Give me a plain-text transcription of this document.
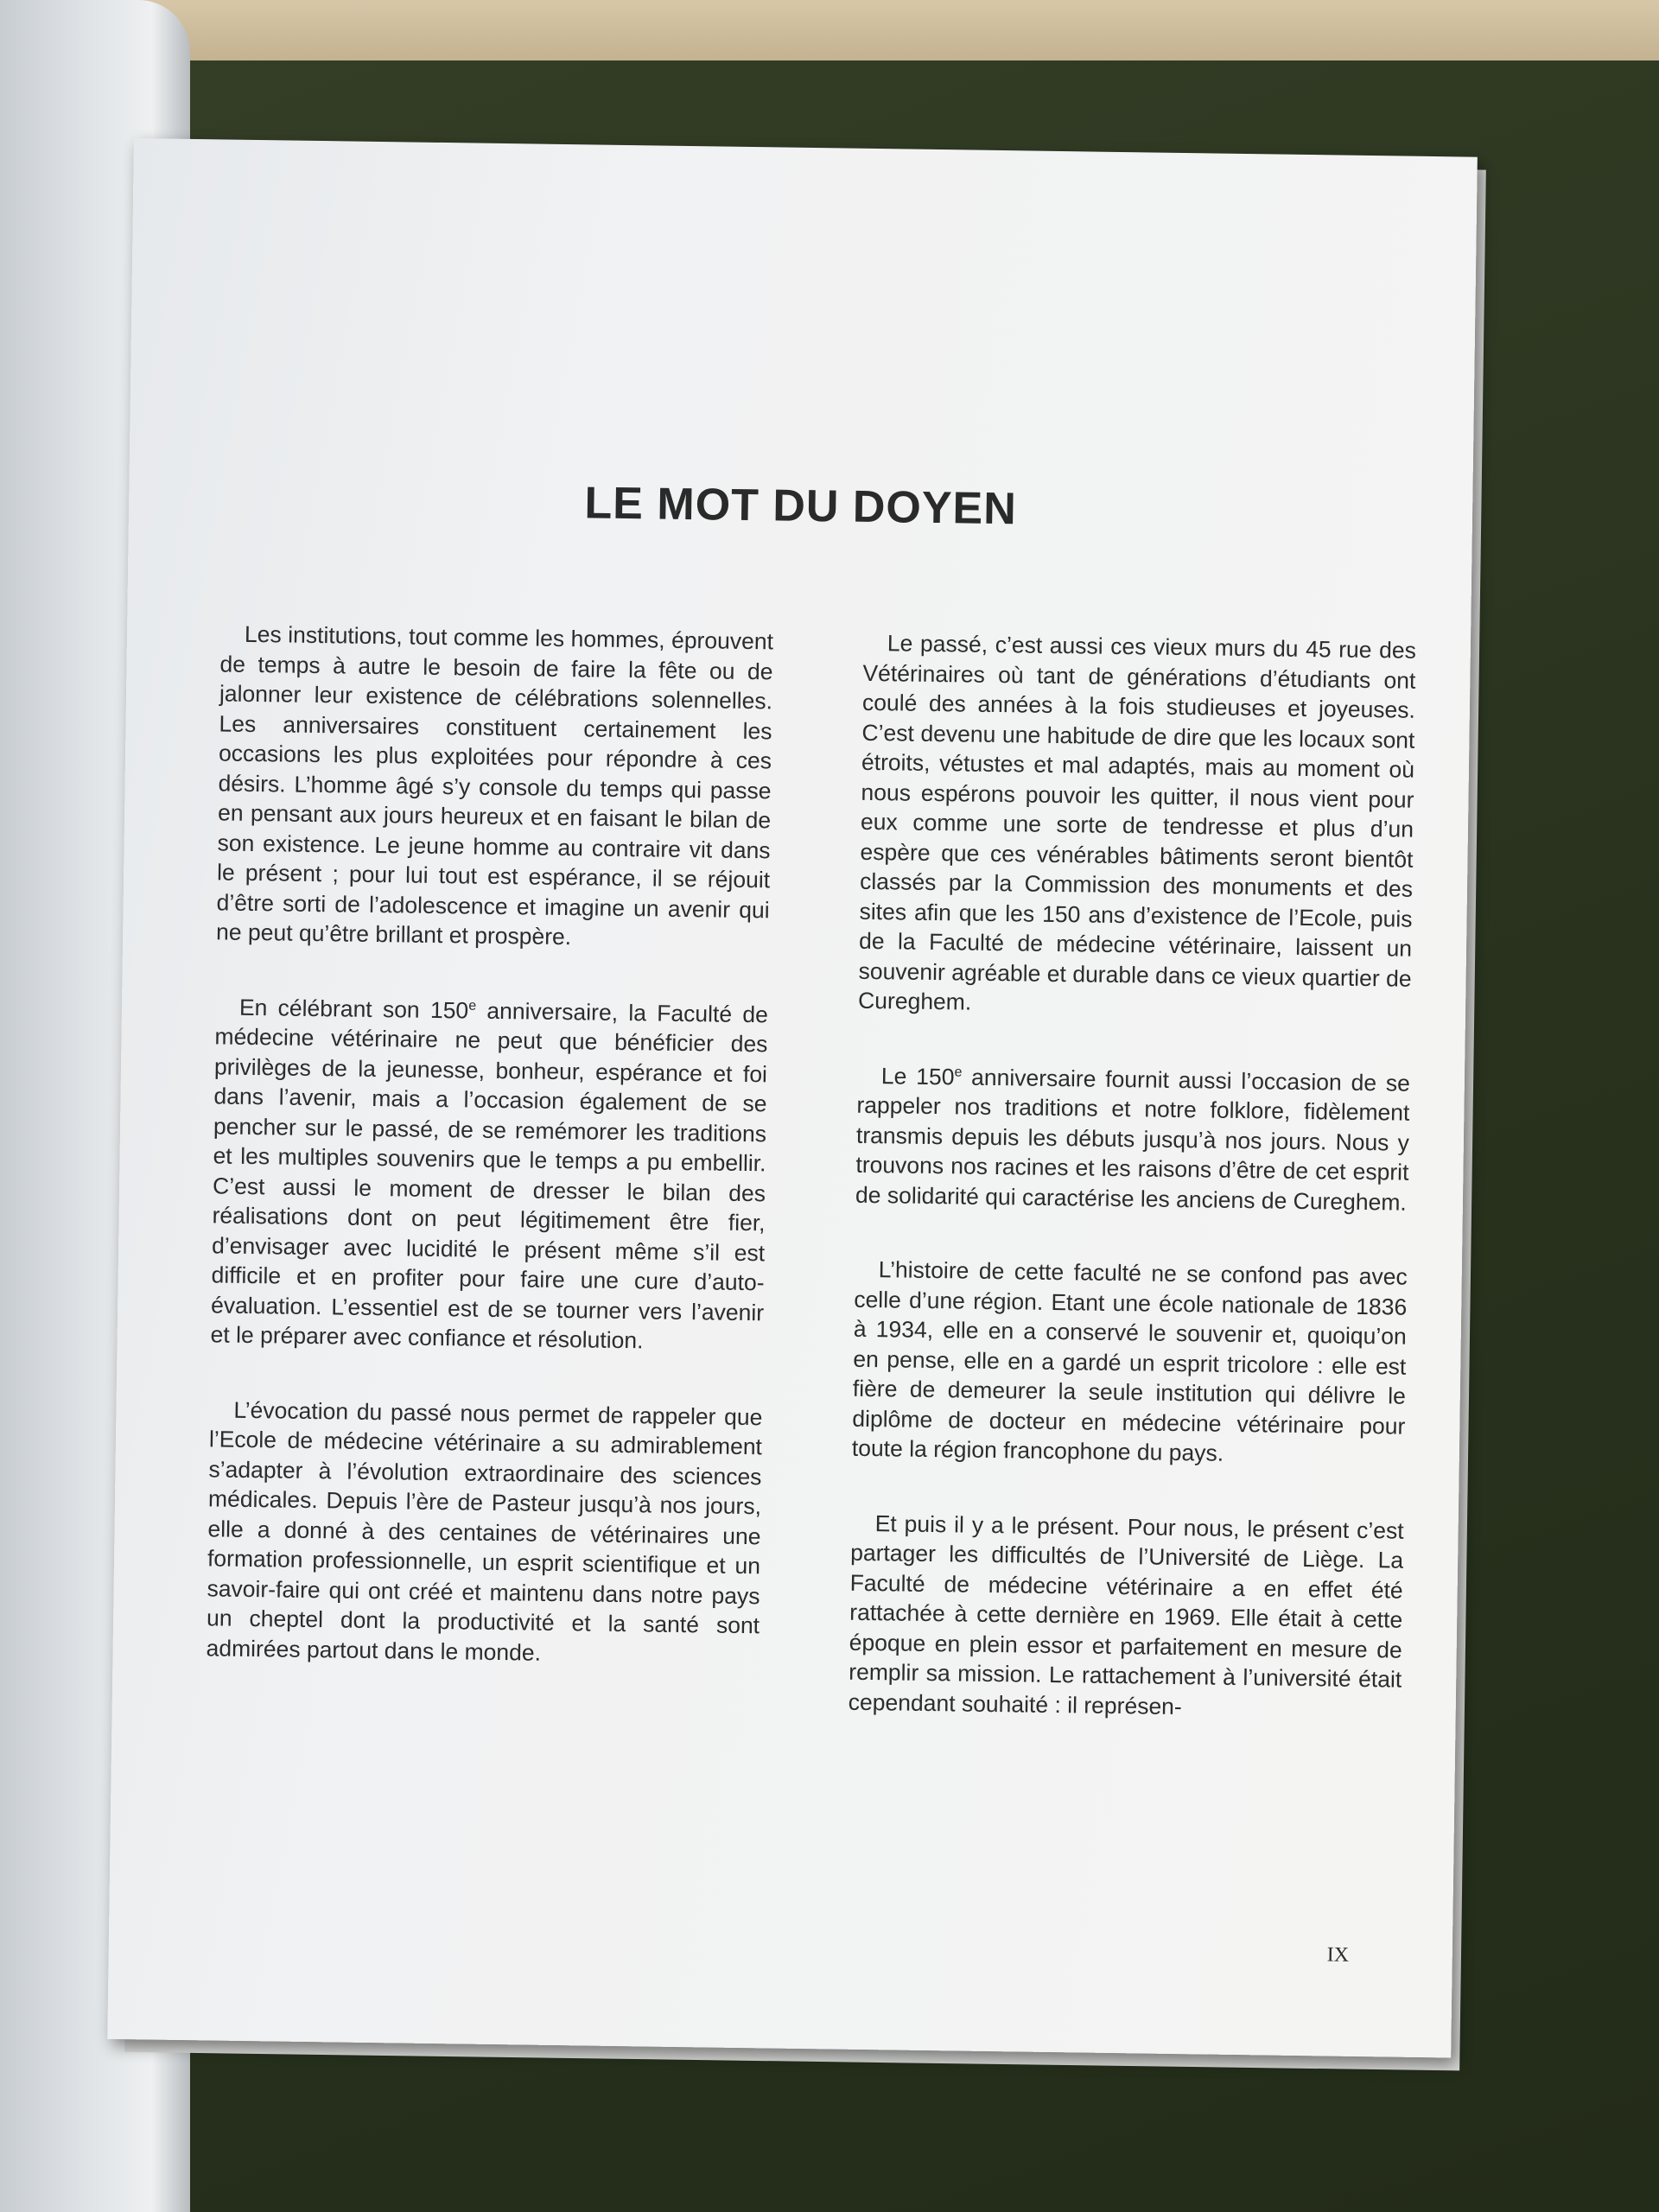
LE MOT DU DOYEN

Les institutions, tout comme les hommes, éprouvent de temps à autre le besoin de faire la fête ou de jalonner leur existence de célébrations solennelles. Les anniversaires constituent certainement les occasions les plus exploitées pour répondre à ces désirs. L’homme âgé s’y console du temps qui passe en pensant aux jours heureux et en faisant le bilan de son existence. Le jeune homme au contraire vit dans le présent ; pour lui tout est espérance, il se réjouit d’être sorti de l’adolescence et imagine un avenir qui ne peut qu’être brillant et prospère.

En célébrant son 150e anniversaire, la Faculté de médecine vétérinaire ne peut que bénéficier des privilèges de la jeunesse, bonheur, espérance et foi dans l’avenir, mais a l’occasion également de se pencher sur le passé, de se remémorer les traditions et les multiples souvenirs que le temps a pu embellir. C’est aussi le moment de dresser le bilan des réalisations dont on peut légitimement être fier, d’envisager avec lucidité le présent même s’il est difficile et en profiter pour faire une cure d’auto-évaluation. L’essentiel est de se tourner vers l’avenir et le préparer avec confiance et résolution.

L’évocation du passé nous permet de rappeler que l’Ecole de médecine vétérinaire a su admirablement s’adapter à l’évolution extraordinaire des sciences médicales. Depuis l’ère de Pasteur jusqu’à nos jours, elle a donné à des centaines de vétérinaires une formation professionnelle, un esprit scientifique et un savoir-faire qui ont créé et maintenu dans notre pays un cheptel dont la productivité et la santé sont admirées partout dans le monde.

Le passé, c’est aussi ces vieux murs du 45 rue des Vétérinaires où tant de générations d’étudiants ont coulé des années à la fois studieuses et joyeuses. C’est devenu une habitude de dire que les locaux sont étroits, vétustes et mal adaptés, mais au moment où nous espérons pouvoir les quitter, il nous vient pour eux comme une sorte de tendresse et plus d’un espère que ces vénérables bâtiments seront bientôt classés par la Commission des monuments et des sites afin que les 150 ans d’existence de l’Ecole, puis de la Faculté de médecine vétérinaire, laissent un souvenir agréable et durable dans ce vieux quartier de Cureghem.

Le 150e anniversaire fournit aussi l’occasion de se rappeler nos traditions et notre folklore, fidèlement transmis depuis les débuts jusqu’à nos jours. Nous y trouvons nos racines et les raisons d’être de cet esprit de solidarité qui caractérise les anciens de Cureghem.

L’histoire de cette faculté ne se confond pas avec celle d’une région. Etant une école nationale de 1836 à 1934, elle en a conservé le souvenir et, quoiqu’on en pense, elle en a gardé un esprit tricolore : elle est fière de demeurer la seule institution qui délivre le diplôme de docteur en médecine vétérinaire pour toute la région francophone du pays.

Et puis il y a le présent. Pour nous, le présent c’est partager les difficultés de l’Université de Liège. La Faculté de médecine vétérinaire a en effet été rattachée à cette dernière en 1969. Elle était à cette époque en plein essor et parfaitement en mesure de remplir sa mission. Le rattachement à l’université était cependant souhaité : il représen-

IX
